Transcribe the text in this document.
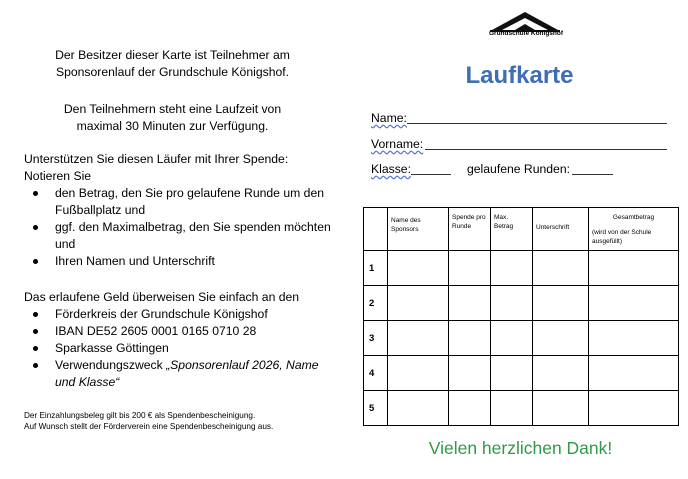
Der Besitzer dieser Karte ist Teilnehmer am

Sponsorenlauf der Grundschule Königshof.

Den Teilnehmern steht eine Laufzeit von

maximal 30 Minuten zur Verfügung.

Unterstützen Sie diesen Läufer mit Ihrer Spende:

Notieren Sie

den Betrag, den Sie pro gelaufene Runde um den Fußballplatz und
ggf. den Maximalbetrag, den Sie spenden möchten und
Ihren Namen und Unterschrift

Das erlaufene Geld überweisen Sie einfach an den

Förderkreis der Grundschule Königshof
IBAN DE52 2605 0001 0165 0710 28
Sparkasse Göttingen
Verwendungszweck „Sponsorenlauf 2026, Name und Klasse“

Der Einzahlungsbeleg gilt bis 200 € als Spendenbescheinigung.

Auf Wunsch stellt der Förderverein eine Spendenbescheinigung aus.

Grundschule Königshof
Laufkarte
Name:
Vorname:
Klasse:	gelaufene Runden:

	Name des Sponsors	Spende pro Runde	Max. Betrag	Unterschrift	Gesamtbetrag
(wird von der Schule ausgefüllt)

1					
2					
3					
4					
5					

Vielen herzlichen Dank!
